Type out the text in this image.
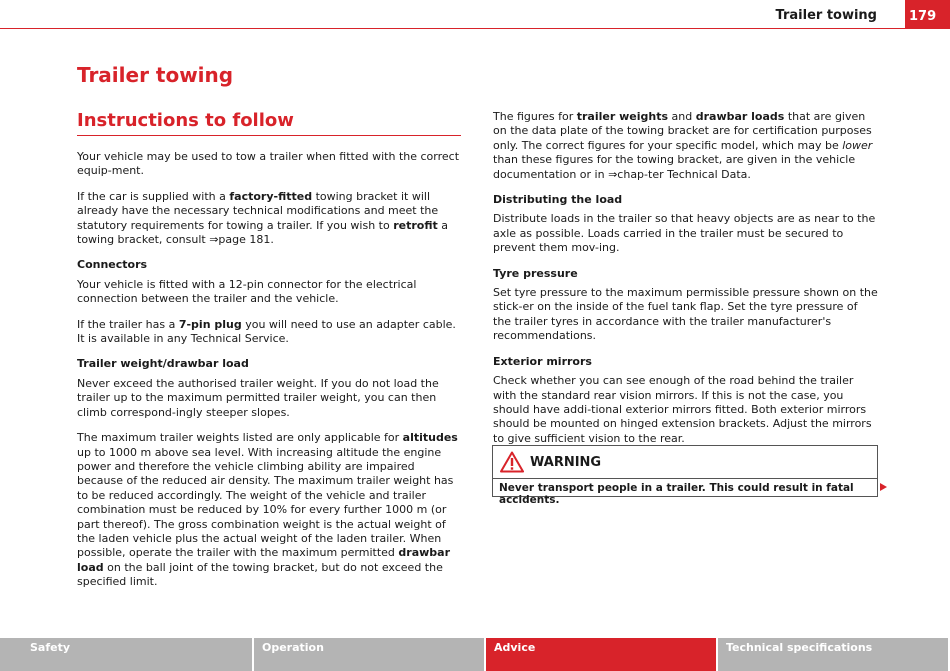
Trailer towing	179
Trailer towing
Instructions to follow

Your vehicle may be used to tow a trailer when fitted with the correct equip-ment.

If the car is supplied with a factory-fitted towing bracket it will already have the necessary technical modifications and meet the statutory requirements for towing a trailer. If you wish to retrofit a towing bracket, consult ⇒page 181.

Connectors

Your vehicle is fitted with a 12-pin connector for the electrical connection between the trailer and the vehicle.

If the trailer has a 7-pin plug you will need to use an adapter cable. It is available in any Technical Service.

Trailer weight/drawbar load

Never exceed the authorised trailer weight. If you do not load the trailer up to the maximum permitted trailer weight, you can then climb correspond-ingly steeper slopes.

The maximum trailer weights listed are only applicable for altitudes up to 1000 m above sea level. With increasing altitude the engine power and therefore the vehicle climbing ability are impaired because of the reduced air density. The maximum trailer weight has to be reduced accordingly. The weight of the vehicle and trailer combination must be reduced by 10% for every further 1000 m (or part thereof). The gross combination weight is the actual weight of the laden vehicle plus the actual weight of the laden trailer. When possible, operate the trailer with the maximum permitted drawbar load on the ball joint of the towing bracket, but do not exceed the specified limit.

The figures for trailer weights and drawbar loads that are given on the data plate of the towing bracket are for certification purposes only. The correct figures for your specific model, which may be lower than these figures for the towing bracket, are given in the vehicle documentation or in ⇒chap-ter Technical Data.

Distributing the load

Distribute loads in the trailer so that heavy objects are as near to the axle as possible. Loads carried in the trailer must be secured to prevent them mov-ing.

Tyre pressure

Set tyre pressure to the maximum permissible pressure shown on the stick-er on the inside of the fuel tank flap. Set the tyre pressure of the trailer tyres in accordance with the trailer manufacturer's recommendations.

Exterior mirrors

Check whether you can see enough of the road behind the trailer with the standard rear vision mirrors. If this is not the case, you should have addi-tional exterior mirrors fitted. Both exterior mirrors should be mounted on hinged extension brackets. Adjust the mirrors to give sufficient vision to the rear.

WARNING
Never transport people in a trailer. This could result in fatal accidents.
Safety	Operation	Advice	Technical specifications
